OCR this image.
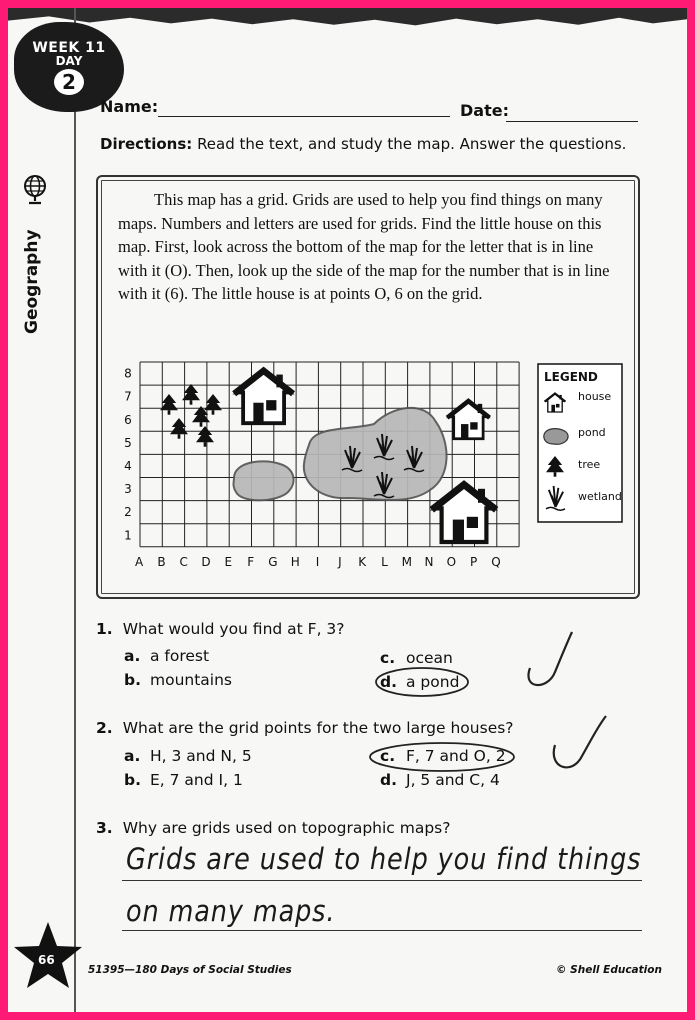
WEEK 11
DAY
2
Name:	Date:
Directions: Read the text, and study the map. Answer the questions.
This map has a grid. Grids are used to help you find things on many maps. Numbers and letters are used for grids. Find the little house on this map. First, look across the bottom of the map for the letter that is in line with it (O). Then, look up the side of the map for the number that is in line with it (6). The little house is at points O, 6 on the grid.
A B C D E F G H I J K L M N O P Q
8
7
6
5
4
3
2
1
LEGEND
house
pond
tree
wetland
1. What would you find at F, 3?
a. a forest
b. mountains
c. ocean
d. a pond
2. What are the grid points for the two large houses?
a. H, 3 and N, 5
b. E, 7 and I, 1
c. F, 7 and O, 2
d. J, 5 and C, 4
3. Why are grids used on topographic maps?
Grids are used to help you find things
on many maps.
66
51395—180 Days of Social Studies	© Shell Education
